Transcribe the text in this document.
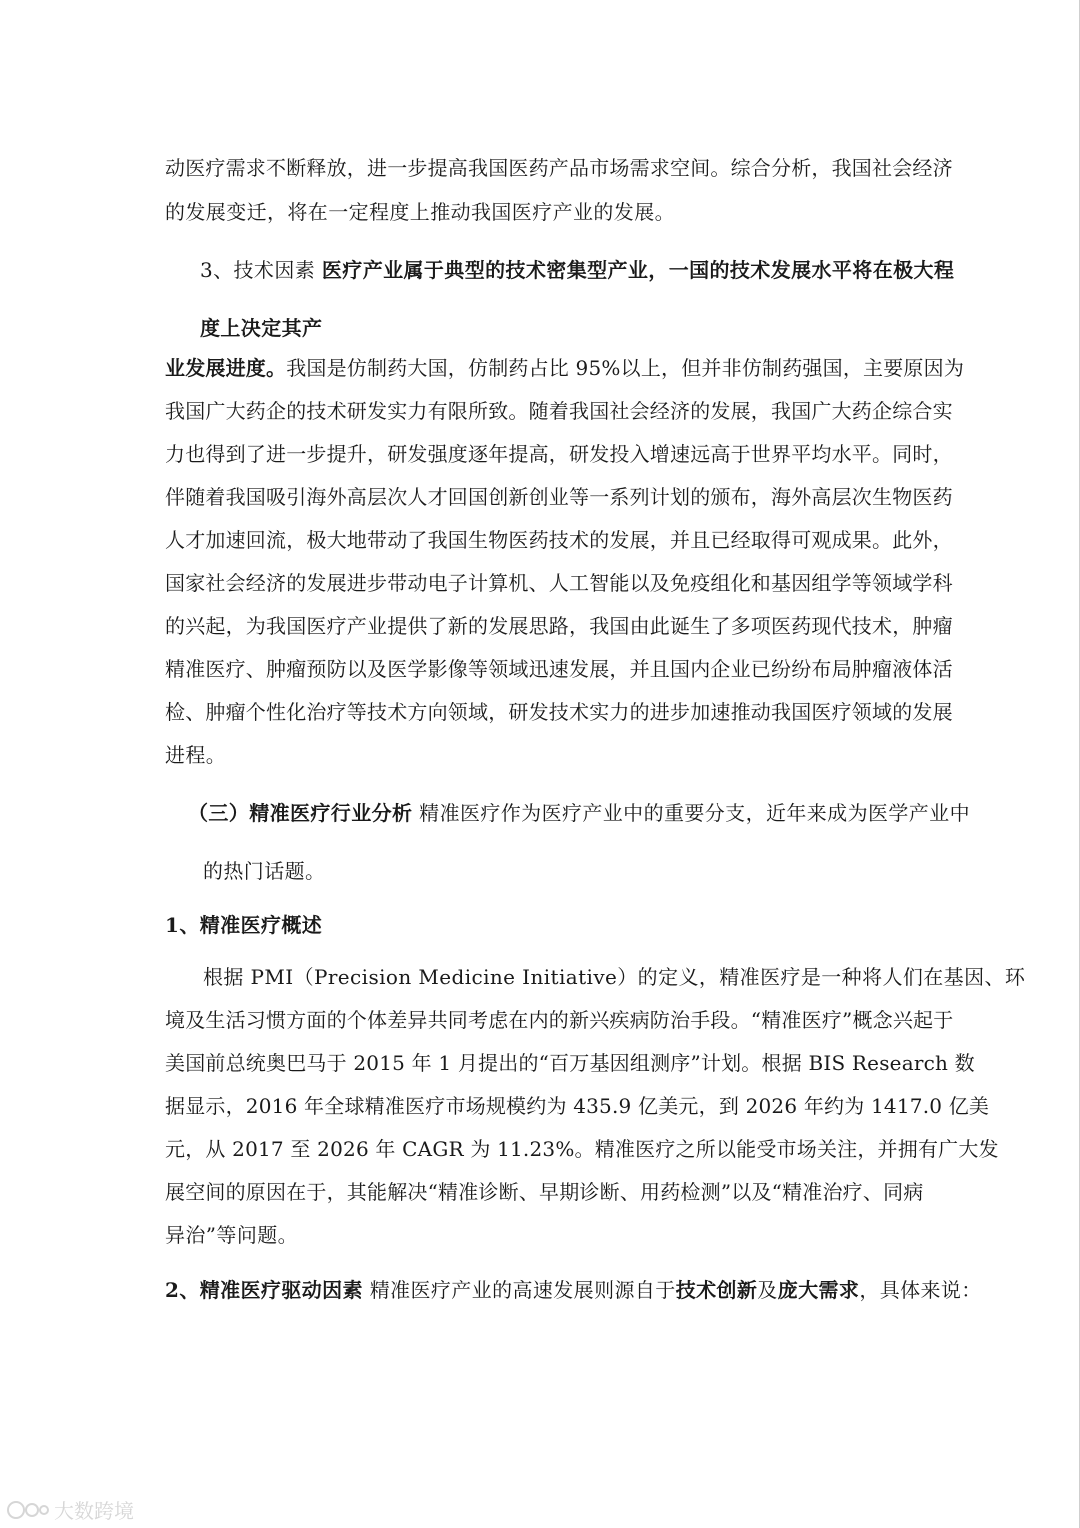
动医疗需求不断释放，进一步提高我国医药产品市场需求空间。综合分析，我国社会经济
的发展变迁，将在一定程度上推动我国医疗产业的发展。
3、技术因素 医疗产业属于典型的技术密集型产业，一国的技术发展水平将在极大程
度上决定其产
业发展进度。我国是仿制药大国，仿制药占比 95%以上，但并非仿制药强国，主要原因为
我国广大药企的技术研发实力有限所致。随着我国社会经济的发展，我国广大药企综合实
力也得到了进一步提升，研发强度逐年提高，研发投入增速远高于世界平均水平。同时，
伴随着我国吸引海外高层次人才回国创新创业等一系列计划的颁布，海外高层次生物医药
人才加速回流，极大地带动了我国生物医药技术的发展，并且已经取得可观成果。此外，
国家社会经济的发展进步带动电子计算机、人工智能以及免疫组化和基因组学等领域学科
的兴起，为我国医疗产业提供了新的发展思路，我国由此诞生了多项医药现代技术，肿瘤
精准医疗、肿瘤预防以及医学影像等领域迅速发展，并且国内企业已纷纷布局肿瘤液体活
检、肿瘤个性化治疗等技术方向领域，研发技术实力的进步加速推动我国医疗领域的发展
进程。
（三）精准医疗行业分析 精准医疗作为医疗产业中的重要分支，近年来成为医学产业中
的热门话题。
1、精准医疗概述
根据 PMI（Precision Medicine Initiative）的定义，精准医疗是一种将人们在基因、环
境及生活习惯方面的个体差异共同考虑在内的新兴疾病防治手段。“精准医疗”概念兴起于
美国前总统奥巴马于 2015 年 1 月提出的“百万基因组测序”计划。根据 BIS Research 数
据显示，2016 年全球精准医疗市场规模约为 435.9 亿美元，到 2026 年约为 1417.0 亿美
元，从 2017 至 2026 年 CAGR 为 11.23%。精准医疗之所以能受市场关注，并拥有广大发
展空间的原因在于，其能解决“精准诊断、早期诊断、用药检测”以及“精准治疗、同病
异治”等问题。
2、精准医疗驱动因素 精准医疗产业的高速发展则源自于技术创新及庞大需求，具体来说：
大数跨境
